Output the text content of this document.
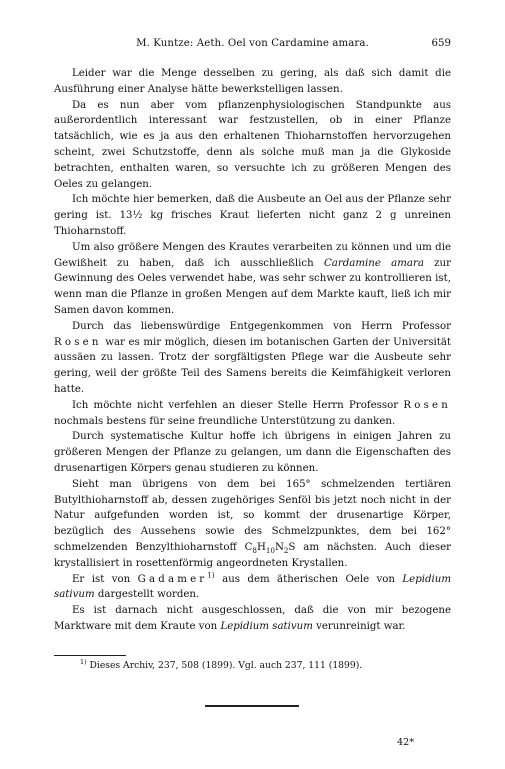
M. Kuntze: Aeth. Oel von Cardamine amara.	659

Leider war die Menge desselben zu gering, als daß sich damit die Ausführung einer Analyse hätte bewerkstelligen lassen.

Da es nun aber vom pflanzenphysiologischen Standpunkte aus außerordentlich interessant war festzustellen, ob in einer Pflanze tatsächlich, wie es ja aus den erhaltenen Thioharnstoffen hervorzugehen scheint, zwei Schutzstoffe, denn als solche muß man ja die Glykoside betrachten, enthalten waren, so versuchte ich zu größeren Mengen des Oeles zu gelangen.

Ich möchte hier bemerken, daß die Ausbeute an Oel aus der Pflanze sehr gering ist. 13½ kg frisches Kraut lieferten nicht ganz 2 g unreinen Thioharnstoff.

Um also größere Mengen des Krautes verarbeiten zu können und um die Gewißheit zu haben, daß ich ausschließlich Cardamine amara zur Gewinnung des Oeles verwendet habe, was sehr schwer zu kontrollieren ist, wenn man die Pflanze in großen Mengen auf dem Markte kauft, ließ ich mir Samen davon kommen.

Durch das liebenswürdige Entgegenkommen von Herrn Professor Rosen war es mir möglich, diesen im botanischen Garten der Universität aussäen zu lassen. Trotz der sorgfältigsten Pflege war die Ausbeute sehr gering, weil der größte Teil des Samens bereits die Keimfähigkeit verloren hatte.

Ich möchte nicht verfehlen an dieser Stelle Herrn Professor Rosen nochmals bestens für seine freundliche Unterstützung zu danken.

Durch systematische Kultur hoffe ich übrigens in einigen Jahren zu größeren Mengen der Pflanze zu gelangen, um dann die Eigenschaften des drusenartigen Körpers genau studieren zu können.

Sieht man übrigens von dem bei 165° schmelzenden tertiären Butylthioharnstoff ab, dessen zugehöriges Senföl bis jetzt noch nicht in der Natur aufgefunden worden ist, so kommt der drusenartige Körper, bezüglich des Aussehens sowie des Schmelzpunktes, dem bei 162° schmelzenden Benzylthioharnstoff $C_8H_{10}N_2S$ am nächsten. Auch dieser krystallisiert in rosettenförmig angeordneten Krystallen.

Er ist von Gadamer$^{1)}$ aus dem ätherischen Oele von Lepidium sativum dargestellt worden.

Es ist darnach nicht ausgeschlossen, daß die von mir bezogene Marktware mit dem Kraute von Lepidium sativum verunreinigt war.

$^{1)}$ Dieses Archiv, 237, 508 (1899). Vgl. auch 237, 111 (1899).
42*
